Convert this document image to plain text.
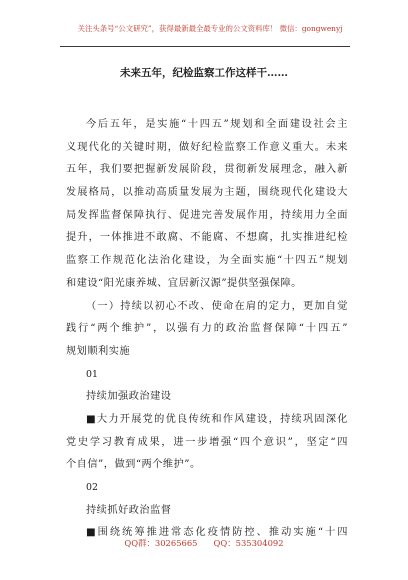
关注头条号“公文研究”，获得最新最全最专业的公文资料库！ 微信：gongwenyj
未来五年，纪检监察工作这样干……
今后五年，是实施“十四五”规划和全面建设社会主
义现代化的关键时期，做好纪检监察工作意义重大。未来
五年，我们要把握新发展阶段，贯彻新发展理念，融入新
发展格局，以推动高质量发展为主题，围绕现代化建设大
局发挥监督保障执行、促进完善发展作用，持续用力全面
提升，一体推进不敢腐、不能腐、不想腐，扎实推进纪检
监察工作规范化法治化建设，为全面实施“十四五”规划
和建设“阳光康养城、宜居新汉源”提供坚强保障。
（一）持续以初心不改、使命在肩的定力，更加自觉
践行“两个维护”，以强有力的政治监督保障“十四五”
规划顺利实施
01
持续加强政治建设
■大力开展党的优良传统和作风建设，持续巩固深化
党史学习教育成果，进一步增强“四个意识”，坚定“四
个自信”，做到“两个维护”。
02
持续抓好政治监督
■围绕统筹推进常态化疫情防控、推动实施“十四
QQ群：30265665 QQ：535304092
